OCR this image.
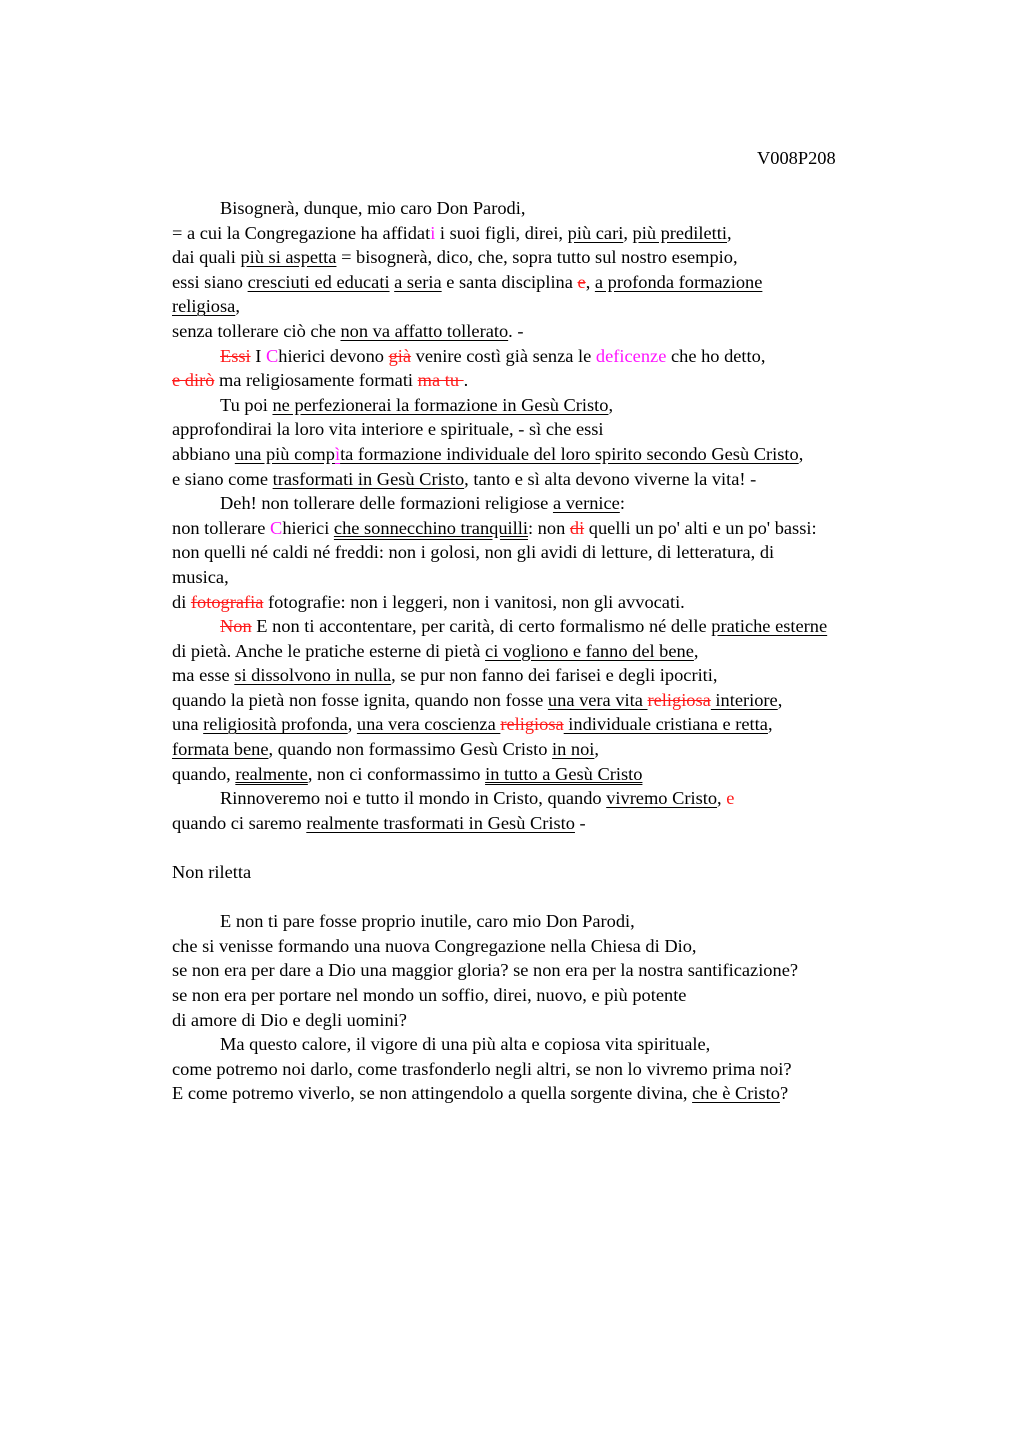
V008P208
Bisognerà, dunque, mio caro Don Parodi,
= a cui la Congregazione ha affidati i suoi figli, direi, più cari, più prediletti,
dai quali più si aspetta = bisognerà, dico, che, sopra tutto sul nostro esempio,
essi siano cresciuti ed educati a seria e santa disciplina e, a profonda formazione
religiosa,
senza tollerare ciò che non va affatto tollerato. -
Essi I Chierici devono già venire costì già senza le deficenze che ho detto,
e dirò ma religiosamente formati ma tu .
Tu poi ne perfezionerai la formazione in Gesù Cristo,
approfondirai la loro vita interiore e spirituale, - sì che essi
abbiano una più compìta formazione individuale del loro spirito secondo Gesù Cristo,
e siano come trasformati in Gesù Cristo, tanto e sì alta devono viverne la vita! -
Deh! non tollerare delle formazioni religiose a vernice:
non tollerare Chierici che sonnecchino tranquilli: non di quelli un po' alti e un po' bassi:
non quelli né caldi né freddi: non i golosi, non gli avidi di letture, di letteratura, di
musica,
di fotografia fotografie: non i leggeri, non i vanitosi, non gli avvocati.
Non E non ti accontentare, per carità, di certo formalismo né delle pratiche esterne
di pietà. Anche le pratiche esterne di pietà ci vogliono e fanno del bene,
ma esse si dissolvono in nulla, se pur non fanno dei farisei e degli ipocriti,
quando la pietà non fosse ignita, quando non fosse una vera vita religiosa interiore,
una religiosità profonda, una vera coscienza religiosa individuale cristiana e retta,
formata bene, quando non formassimo Gesù Cristo in noi,
quando, realmente, non ci conformassimo in tutto a Gesù Cristo
Rinnoveremo noi e tutto il mondo in Cristo, quando vivremo Cristo, e
quando ci saremo realmente trasformati in Gesù Cristo -
Non riletta
E non ti pare fosse proprio inutile, caro mio Don Parodi,
che si venisse formando una nuova Congregazione nella Chiesa di Dio,
se non era per dare a Dio una maggior gloria? se non era per la nostra santificazione?
se non era per portare nel mondo un soffio, direi, nuovo, e più potente
di amore di Dio e degli uomini?
Ma questo calore, il vigore di una più alta e copiosa vita spirituale,
come potremo noi darlo, come trasfonderlo negli altri, se non lo vivremo prima noi?
E come potremo viverlo, se non attingendolo a quella sorgente divina, che è Cristo?
